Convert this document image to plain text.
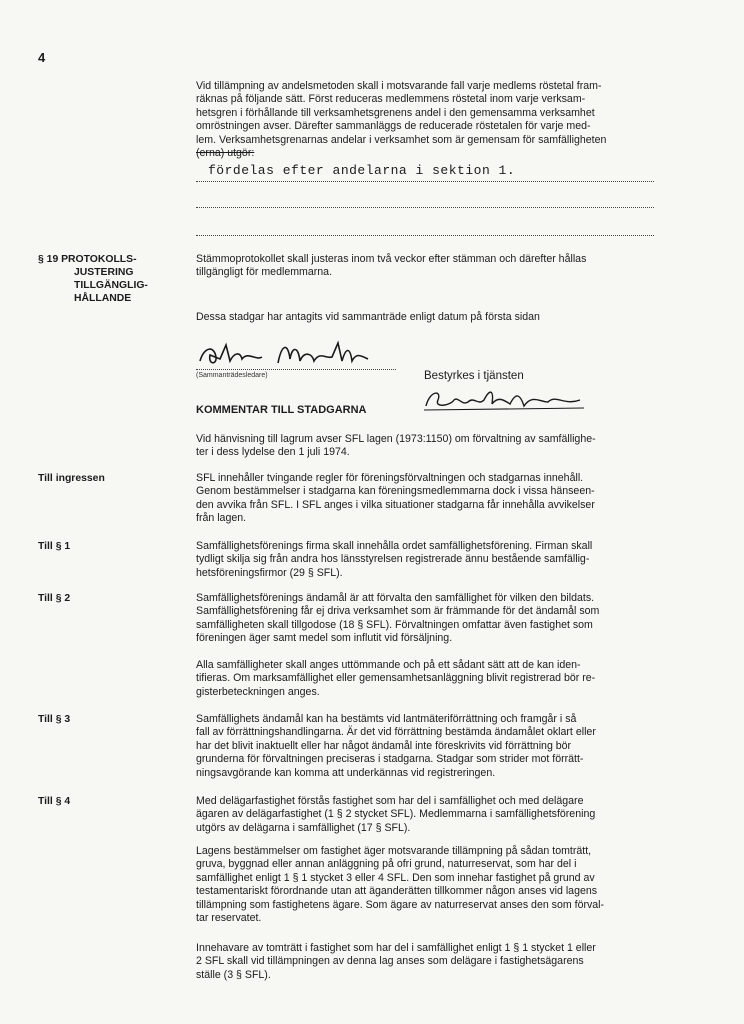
4
Vid tillämpning av andelsmetoden skall i motsvarande fall varje medlems röstetal fram-
räknas på följande sätt. Först reduceras medlemmens röstetal inom varje verksam-
hetsgren i förhållande till verksamhetsgrenens andel i den gemensamma verksamhet
omröstningen avser. Därefter sammanläggs de reducerade röstetalen för varje med-
lem. Verksamhetsgrenarnas andelar i verksamhet som är gemensam för samfälligheten
(erna) utgör:
fördelas efter andelarna i sektion 1.
§ 19 PROTOKOLLS-
JUSTERING
TILLGÄNGLIG-
HÅLLANDE
Stämmoprotokollet skall justeras inom två veckor efter stämman och därefter hållas
tillgängligt för medlemmarna.
Dessa stadgar har antagits vid sammanträde enligt datum på första sidan
(Sammanträdesledare)	Bestyrkes i tjänsten
KOMMENTAR TILL STADGARNA
Vid hänvisning till lagrum avser SFL lagen (1973:1150) om förvaltning av samfällighe-
ter i dess lydelse den 1 juli 1974.
Till ingressen	SFL innehåller tvingande regler för föreningsförvaltningen och stadgarnas innehåll.
Genom bestämmelser i stadgarna kan föreningsmedlemmarna dock i vissa hänseen-
den avvika från SFL. I SFL anges i vilka situationer stadgarna får innehålla avvikelser
från lagen.
Till § 1	Samfällighetsförenings firma skall innehålla ordet samfällighetsförening. Firman skall
tydligt skilja sig från andra hos länsstyrelsen registrerade ännu bestående samfällig-
hetsföreningsfirmor (29 § SFL).
Till § 2	Samfällighetsförenings ändamål är att förvalta den samfällighet för vilken den bildats.
Samfällighetsförening får ej driva verksamhet som är främmande för det ändamål som
samfälligheten skall tillgodose (18 § SFL). Förvaltningen omfattar även fastighet som
föreningen äger samt medel som influtit vid försäljning.
Alla samfälligheter skall anges uttömmande och på ett sådant sätt att de kan iden-
tifieras. Om marksamfällighet eller gemensamhetsanläggning blivit registrerad bör re-
gisterbeteckningen anges.
Till § 3	Samfällighets ändamål kan ha bestämts vid lantmäteriförrättning och framgår i så
fall av förrättningshandlingarna. Är det vid förrättning bestämda ändamålet oklart eller
har det blivit inaktuellt eller har något ändamål inte föreskrivits vid förrättning bör
grunderna för förvaltningen preciseras i stadgarna. Stadgar som strider mot förrätt-
ningsavgörande kan komma att underkännas vid registreringen.
Till § 4	Med delägarfastighet förstås fastighet som har del i samfällighet och med delägare
ägaren av delägarfastighet (1 § 2 stycket SFL). Medlemmarna i samfällighetsförening
utgörs av delägarna i samfällighet (17 § SFL).
Lagens bestämmelser om fastighet äger motsvarande tillämpning på sådan tomträtt,
gruva, byggnad eller annan anläggning på ofri grund, naturreservat, som har del i
samfällighet enligt 1 § 1 stycket 3 eller 4 SFL. Den som innehar fastighet på grund av
testamentariskt förordnande utan att äganderätten tillkommer någon anses vid lagens
tillämpning som fastighetens ägare. Som ägare av naturreservat anses den som förval-
tar reservatet.
Innehavare av tomträtt i fastighet som har del i samfällighet enligt 1 § 1 stycket 1 eller
2 SFL skall vid tillämpningen av denna lag anses som delägare i fastighetsägarens
ställe (3 § SFL).
